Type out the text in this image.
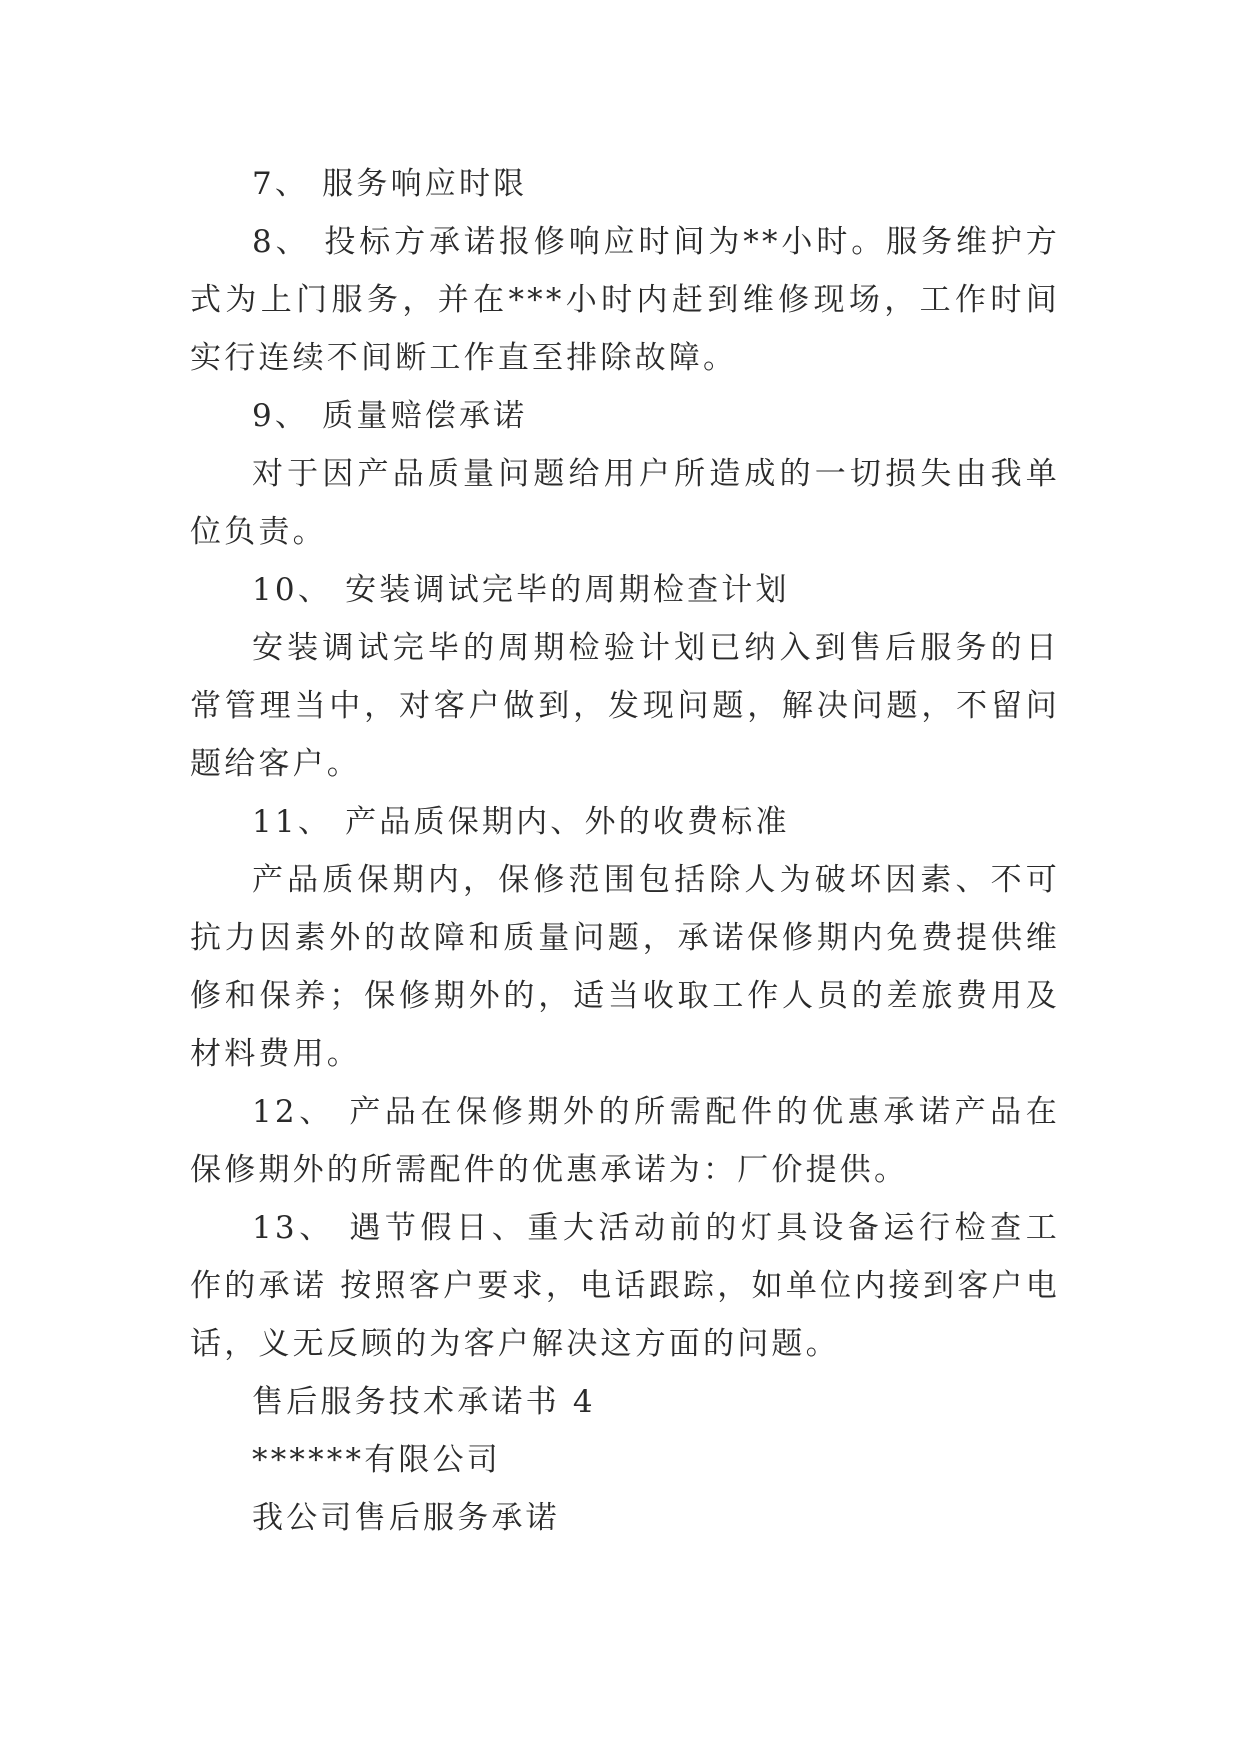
7、 服务响应时限

8、 投标方承诺报修响应时间为**小时。服务维护方式为上门服务，并在***小时内赶到维修现场，工作时间实行连续不间断工作直至排除故障。

9、 质量赔偿承诺

对于因产品质量问题给用户所造成的一切损失由我单位负责。

10、 安装调试完毕的周期检查计划

安装调试完毕的周期检验计划已纳入到售后服务的日常管理当中，对客户做到，发现问题，解决问题，不留问题给客户。

11、 产品质保期内、外的收费标准

产品质保期内，保修范围包括除人为破坏因素、不可抗力因素外的故障和质量问题，承诺保修期内免费提供维修和保养；保修期外的，适当收取工作人员的差旅费用及材料费用。

12、 产品在保修期外的所需配件的优惠承诺产品在保修期外的所需配件的优惠承诺为：厂价提供。

13、 遇节假日、重大活动前的灯具设备运行检查工作的承诺 按照客户要求，电话跟踪，如单位内接到客户电话，义无反顾的为客户解决这方面的问题。

售后服务技术承诺书 4

******有限公司

我公司售后服务承诺
